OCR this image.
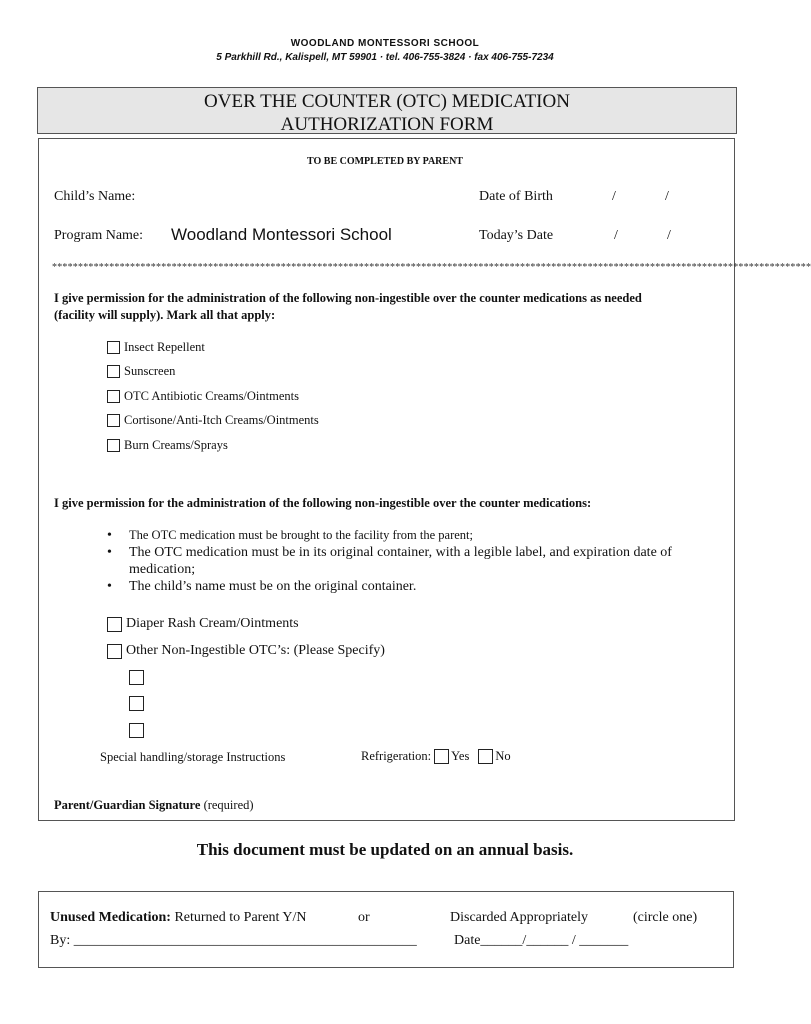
WOODLAND MONTESSORI SCHOOL
5 Parkhill Rd., Kalispell, MT 59901 · tel. 406-755-3824 · fax 406-755-7234
OVER THE COUNTER (OTC) MEDICATION
AUTHORIZATION FORM
TO BE COMPLETED BY PARENT
Child’s Name:	Date of Birth	/	/
Program Name: Woodland Montessori School	Today’s Date	/	/
**************************************************************************************************************************************************
I give permission for the administration of the following non-ingestible over the counter medications as needed
(facility will supply). Mark all that apply:
Insect Repellent
Sunscreen
OTC Antibiotic Creams/Ointments
Cortisone/Anti-Itch Creams/Ointments
Burn Creams/Sprays
I give permission for the administration of the following non-ingestible over the counter medications:
• The OTC medication must be brought to the facility from the parent;
• The OTC medication must be in its original container, with a legible label, and expiration date of medication;
• The child’s name must be on the original container.
Diaper Rash Cream/Ointments
Other Non-Ingestible OTC’s: (Please Specify)
Special handling/storage Instructions	Refrigeration: Yes No
Parent/Guardian Signature (required)
This document must be updated on an annual basis.
Unused Medication: Returned to Parent Y/N	or	Discarded Appropriately	(circle one)
By: _________________________________________________	Date______/______ / _______
